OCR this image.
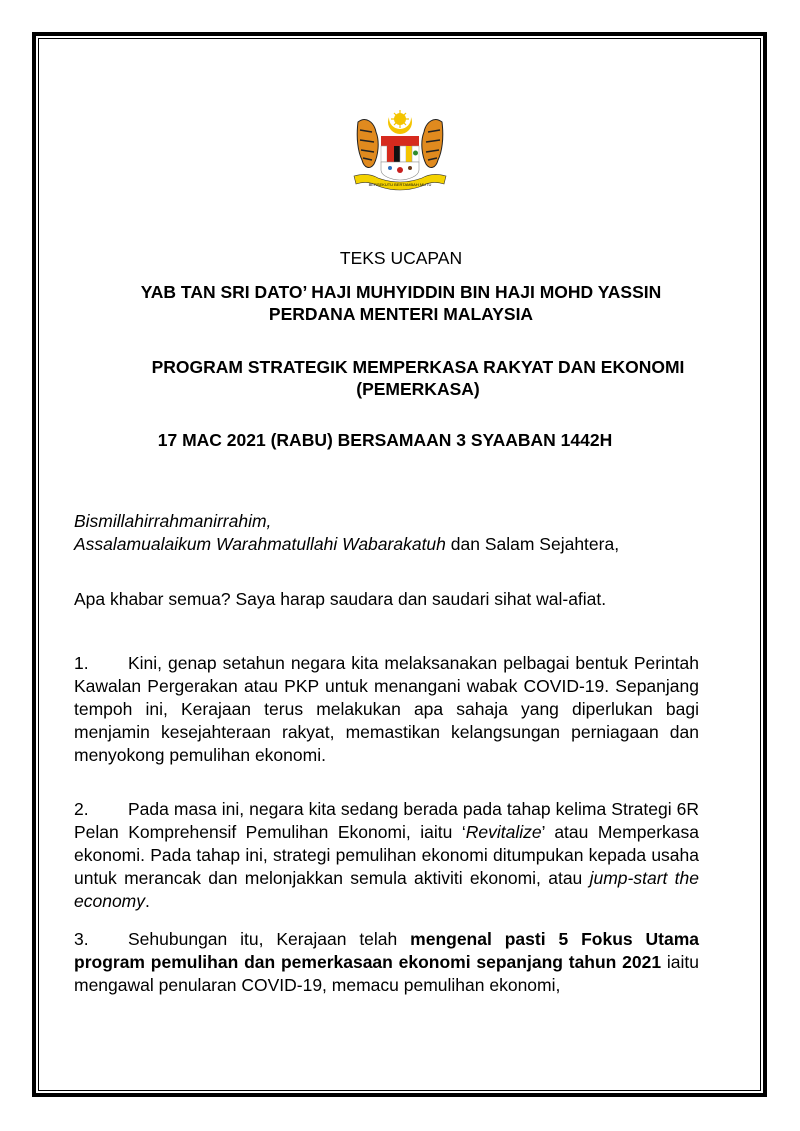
BERSEKUTU BERTAMBAH MUTU
TEKS UCAPAN
YAB TAN SRI DATO’ HAJI MUHYIDDIN BIN HAJI MOHD YASSIN
PERDANA MENTERI MALAYSIA
PROGRAM STRATEGIK MEMPERKASA RAKYAT DAN EKONOMI
(PEMERKASA)
17 MAC 2021 (RABU) BERSAMAAN 3 SYAABAN 1442H
Bismillahirrahmanirrahim,
Assalamualaikum Warahmatullahi Wabarakatuh dan Salam Sejahtera,
Apa khabar semua? Saya harap saudara dan saudari sihat wal-afiat.
1. Kini, genap setahun negara kita melaksanakan pelbagai bentuk Perintah Kawalan Pergerakan atau PKP untuk menangani wabak COVID-19. Sepanjang tempoh ini, Kerajaan terus melakukan apa sahaja yang diperlukan bagi menjamin kesejahteraan rakyat, memastikan kelangsungan perniagaan dan menyokong pemulihan ekonomi.
2. Pada masa ini, negara kita sedang berada pada tahap kelima Strategi 6R Pelan Komprehensif Pemulihan Ekonomi, iaitu ‘Revitalize’ atau Memperkasa ekonomi. Pada tahap ini, strategi pemulihan ekonomi ditumpukan kepada usaha untuk merancak dan melonjakkan semula aktiviti ekonomi, atau jump-start the economy.
3. Sehubungan itu, Kerajaan telah mengenal pasti 5 Fokus Utama program pemulihan dan pemerkasaan ekonomi sepanjang tahun 2021 iaitu mengawal penularan COVID-19, memacu pemulihan ekonomi,
